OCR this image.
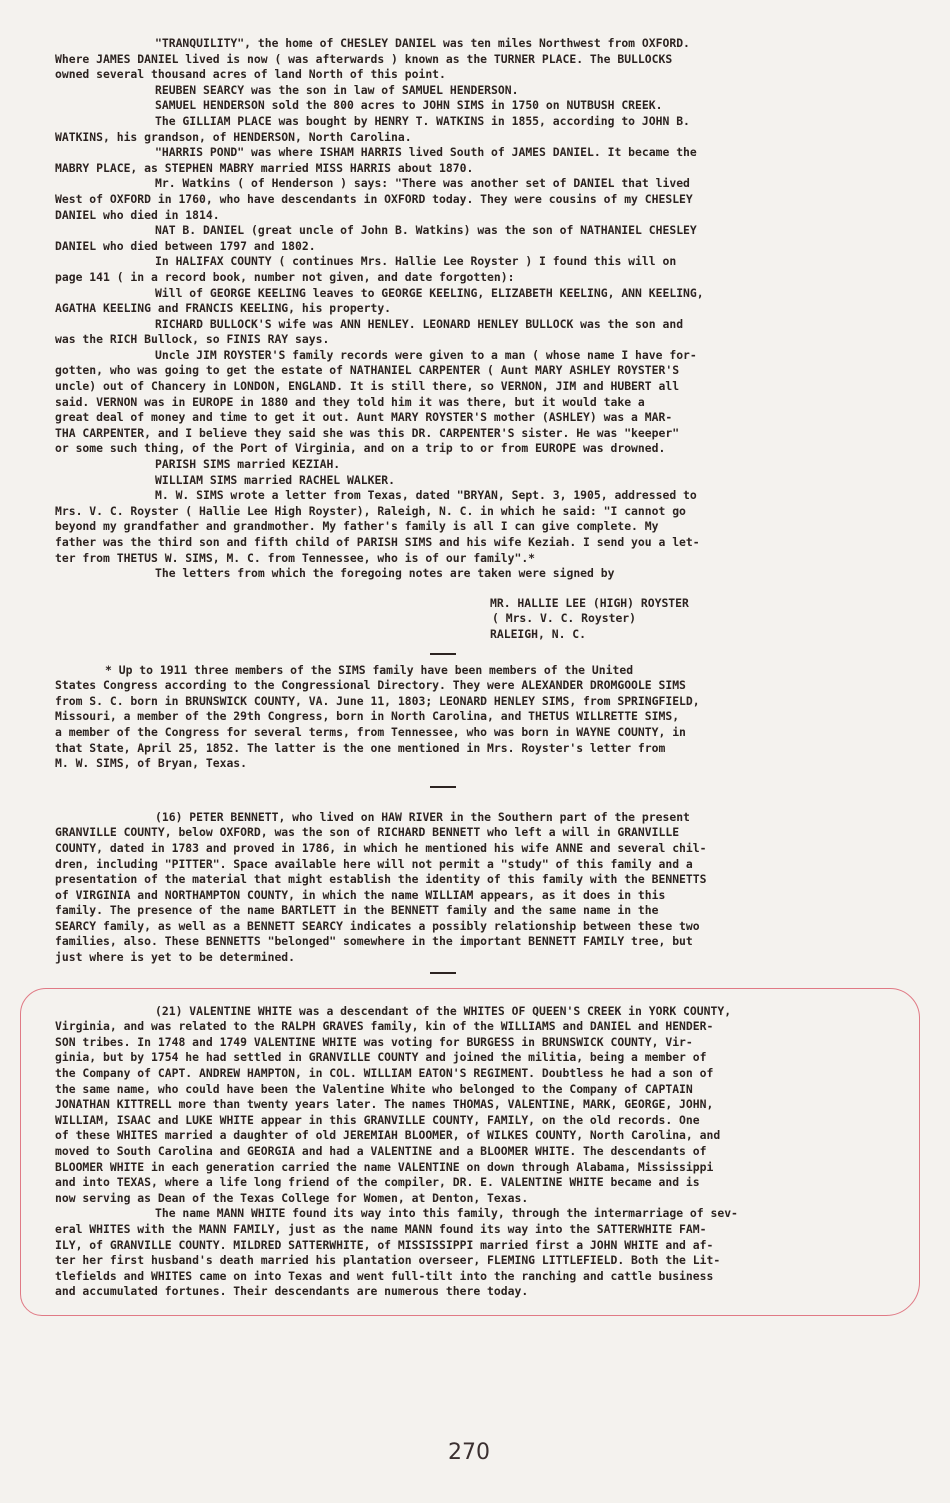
"TRANQUILITY", the home of CHESLEY DANIEL was ten miles Northwest from OXFORD.

Where JAMES DANIEL lived is now ( was afterwards ) known as the TURNER PLACE. The BULLOCKS

owned several thousand acres of land North of this point.

REUBEN SEARCY was the son in law of SAMUEL HENDERSON.

SAMUEL HENDERSON sold the 800 acres to JOHN SIMS in 1750 on NUTBUSH CREEK.

The GILLIAM PLACE was bought by HENRY T. WATKINS in 1855, according to JOHN B.

WATKINS, his grandson, of HENDERSON, North Carolina.

"HARRIS POND" was where ISHAM HARRIS lived South of JAMES DANIEL. It became the

MABRY PLACE, as STEPHEN MABRY married MISS HARRIS about 1870.

Mr. Watkins ( of Henderson ) says: "There was another set of DANIEL that lived

West of OXFORD in 1760, who have descendants in OXFORD today. They were cousins of my CHESLEY

DANIEL who died in 1814.

NAT B. DANIEL (great uncle of John B. Watkins) was the son of NATHANIEL CHESLEY

DANIEL who died between 1797 and 1802.

In HALIFAX COUNTY ( continues Mrs. Hallie Lee Royster ) I found this will on

page 141 ( in a record book, number not given, and date forgotten):

Will of GEORGE KEELING leaves to GEORGE KEELING, ELIZABETH KEELING, ANN KEELING,

AGATHA KEELING and FRANCIS KEELING, his property.

RICHARD BULLOCK'S wife was ANN HENLEY. LEONARD HENLEY BULLOCK was the son and

was the RICH Bullock, so FINIS RAY says.

Uncle JIM ROYSTER'S family records were given to a man ( whose name I have for-

gotten, who was going to get the estate of NATHANIEL CARPENTER ( Aunt MARY ASHLEY ROYSTER'S

uncle) out of Chancery in LONDON, ENGLAND. It is still there, so VERNON, JIM and HUBERT all

said. VERNON was in EUROPE in 1880 and they told him it was there, but it would take a

great deal of money and time to get it out. Aunt MARY ROYSTER'S mother (ASHLEY) was a MAR-

THA CARPENTER, and I believe they said she was this DR. CARPENTER'S sister. He was "keeper"

or some such thing, of the Port of Virginia, and on a trip to or from EUROPE was drowned.

PARISH SIMS married KEZIAH.

WILLIAM SIMS married RACHEL WALKER.

M. W. SIMS wrote a letter from Texas, dated "BRYAN, Sept. 3, 1905, addressed to

Mrs. V. C. Royster ( Hallie Lee High Royster), Raleigh, N. C. in which he said: "I cannot go

beyond my grandfather and grandmother. My father's family is all I can give complete. My

father was the third son and fifth child of PARISH SIMS and his wife Keziah. I send you a let-

ter from THETUS W. SIMS, M. C. from Tennessee, who is of our family".*

The letters from which the foregoing notes are taken were signed by

MR. HALLIE LEE (HIGH) ROYSTER

( Mrs. V. C. Royster)

RALEIGH, N. C.

* Up to 1911 three members of the SIMS family have been members of the United

States Congress according to the Congressional Directory. They were ALEXANDER DROMGOOLE SIMS

from S. C. born in BRUNSWICK COUNTY, VA. June 11, 1803; LEONARD HENLEY SIMS, from SPRINGFIELD,

Missouri, a member of the 29th Congress, born in North Carolina, and THETUS WILLRETTE SIMS,

a member of the Congress for several terms, from Tennessee, who was born in WAYNE COUNTY, in

that State, April 25, 1852. The latter is the one mentioned in Mrs. Royster's letter from

M. W. SIMS, of Bryan, Texas.

(16) PETER BENNETT, who lived on HAW RIVER in the Southern part of the present

GRANVILLE COUNTY, below OXFORD, was the son of RICHARD BENNETT who left a will in GRANVILLE

COUNTY, dated in 1783 and proved in 1786, in which he mentioned his wife ANNE and several chil-

dren, including "PITTER". Space available here will not permit a "study" of this family and a

presentation of the material that might establish the identity of this family with the BENNETTS

of VIRGINIA and NORTHAMPTON COUNTY, in which the name WILLIAM appears, as it does in this

family. The presence of the name BARTLETT in the BENNETT family and the same name in the

SEARCY family, as well as a BENNETT SEARCY indicates a possibly relationship between these two

families, also. These BENNETTS "belonged" somewhere in the important BENNETT FAMILY tree, but

just where is yet to be determined.

(21) VALENTINE WHITE was a descendant of the WHITES OF QUEEN'S CREEK in YORK COUNTY,

Virginia, and was related to the RALPH GRAVES family, kin of the WILLIAMS and DANIEL and HENDER-

SON tribes. In 1748 and 1749 VALENTINE WHITE was voting for BURGESS in BRUNSWICK COUNTY, Vir-

ginia, but by 1754 he had settled in GRANVILLE COUNTY and joined the militia, being a member of

the Company of CAPT. ANDREW HAMPTON, in COL. WILLIAM EATON'S REGIMENT. Doubtless he had a son of

the same name, who could have been the Valentine White who belonged to the Company of CAPTAIN

JONATHAN KITTRELL more than twenty years later. The names THOMAS, VALENTINE, MARK, GEORGE, JOHN,

WILLIAM, ISAAC and LUKE WHITE appear in this GRANVILLE COUNTY, FAMILY, on the old records. One

of these WHITES married a daughter of old JEREMIAH BLOOMER, of WILKES COUNTY, North Carolina, and

moved to South Carolina and GEORGIA and had a VALENTINE and a BLOOMER WHITE. The descendants of

BLOOMER WHITE in each generation carried the name VALENTINE on down through Alabama, Mississippi

and into TEXAS, where a life long friend of the compiler, DR. E. VALENTINE WHITE became and is

now serving as Dean of the Texas College for Women, at Denton, Texas.

The name MANN WHITE found its way into this family, through the intermarriage of sev-

eral WHITES with the MANN FAMILY, just as the name MANN found its way into the SATTERWHITE FAM-

ILY, of GRANVILLE COUNTY. MILDRED SATTERWHITE, of MISSISSIPPI married first a JOHN WHITE and af-

ter her first husband's death married his plantation overseer, FLEMING LITTLEFIELD. Both the Lit-

tlefields and WHITES came on into Texas and went full-tilt into the ranching and cattle business

and accumulated fortunes. Their descendants are numerous there today.

270
